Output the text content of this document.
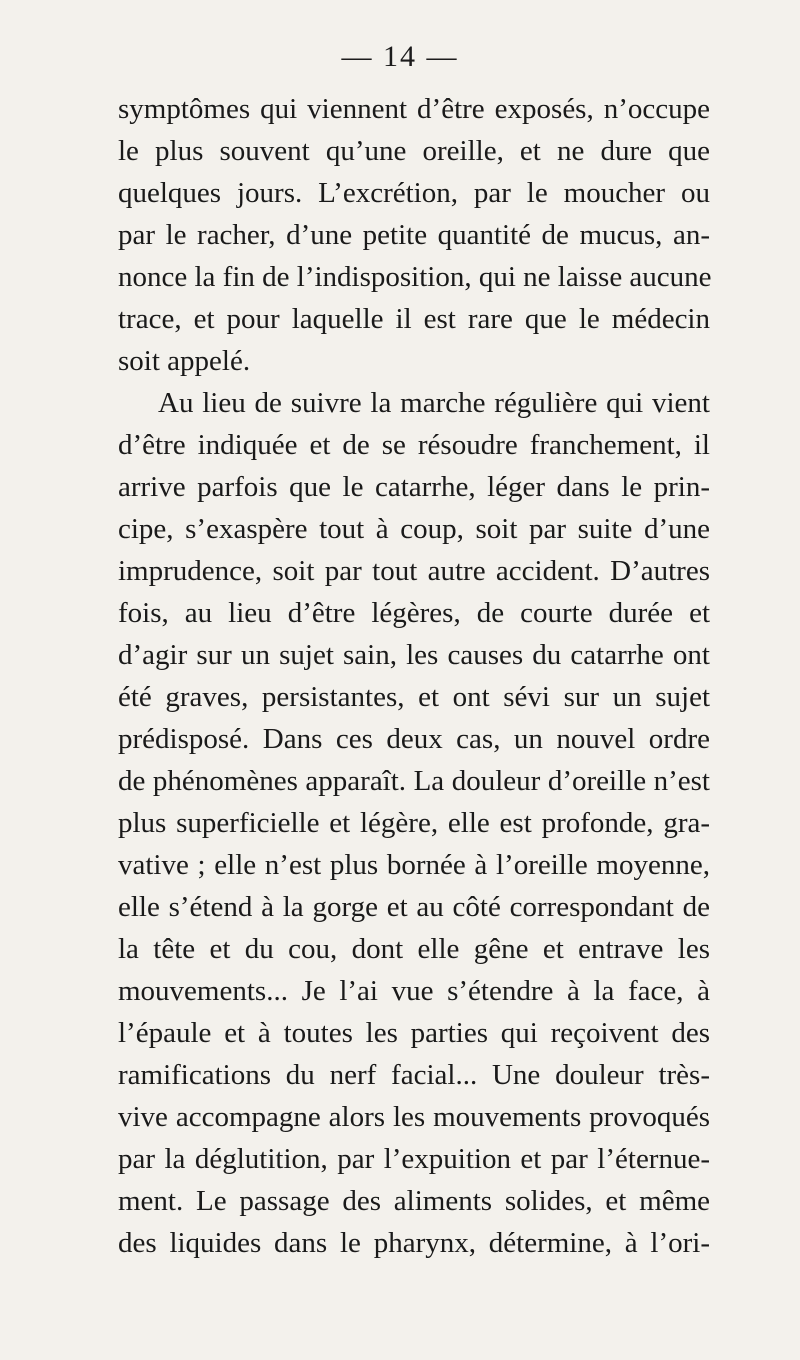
— 14 —
symptômes qui viennent d’être exposés, n’occupe
le plus souvent qu’une oreille, et ne dure que
quelques jours. L’excrétion, par le moucher ou
par le racher, d’une petite quantité de mucus, an-
nonce la fin de l’indisposition, qui ne laisse aucune
trace, et pour laquelle il est rare que le médecin
soit appelé.
Au lieu de suivre la marche régulière qui vient
d’être indiquée et de se résoudre franchement, il
arrive parfois que le catarrhe, léger dans le prin-
cipe, s’exaspère tout à coup, soit par suite d’une
imprudence, soit par tout autre accident. D’autres
fois, au lieu d’être légères, de courte durée et
d’agir sur un sujet sain, les causes du catarrhe ont
été graves, persistantes, et ont sévi sur un sujet
prédisposé. Dans ces deux cas, un nouvel ordre
de phénomènes apparaît. La douleur d’oreille n’est
plus superficielle et légère, elle est profonde, gra-
vative ; elle n’est plus bornée à l’oreille moyenne,
elle s’étend à la gorge et au côté correspondant de
la tête et du cou, dont elle gêne et entrave les
mouvements... Je l’ai vue s’étendre à la face, à
l’épaule et à toutes les parties qui reçoivent des
ramifications du nerf facial... Une douleur très-
vive accompagne alors les mouvements provoqués
par la déglutition, par l’expuition et par l’éternue-
ment. Le passage des aliments solides, et même
des liquides dans le pharynx, détermine, à l’ori-
